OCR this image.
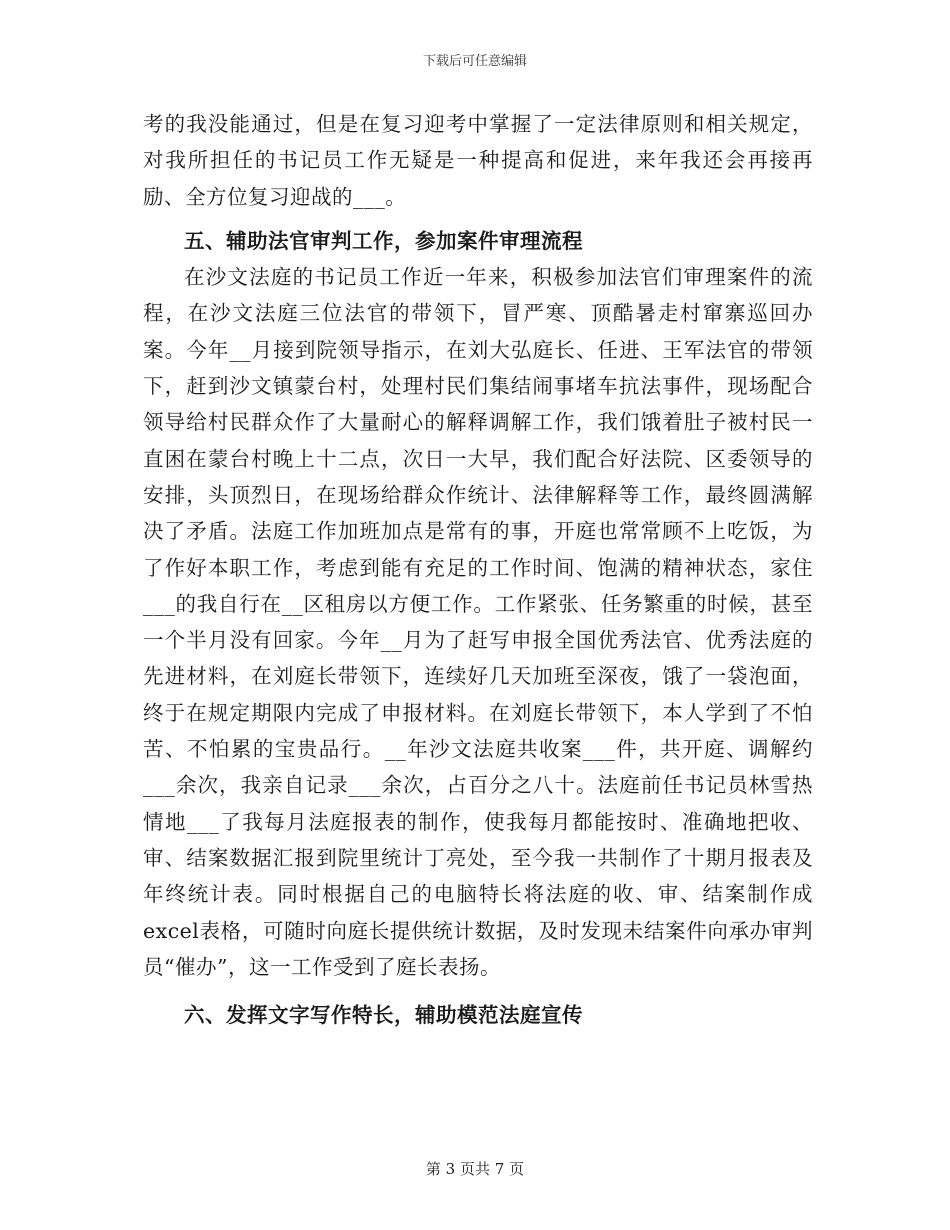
下载后可任意编辑

考的我没能通过，但是在复习迎考中掌握了一定法律原则和相关规定，对我所担任的书记员工作无疑是一种提高和促进，来年我还会再接再励、全方位复习迎战的___。

五、辅助法官审判工作，参加案件审理流程

在沙文法庭的书记员工作近一年来，积极参加法官们审理案件的流程，在沙文法庭三位法官的带领下，冒严寒、顶酷暑走村窜寨巡回办案。今年__月接到院领导指示，在刘大弘庭长、任进、王军法官的带领下，赶到沙文镇蒙台村，处理村民们集结闹事堵车抗法事件，现场配合领导给村民群众作了大量耐心的解释调解工作，我们饿着肚子被村民一直困在蒙台村晚上十二点，次日一大早，我们配合好法院、区委领导的安排，头顶烈日，在现场给群众作统计、法律解释等工作，最终圆满解决了矛盾。法庭工作加班加点是常有的事，开庭也常常顾不上吃饭，为了作好本职工作，考虑到能有充足的工作时间、饱满的精神状态，家住___的我自行在__区租房以方便工作。工作紧张、任务繁重的时候，甚至一个半月没有回家。今年__月为了赶写申报全国优秀法官、优秀法庭的先进材料，在刘庭长带领下，连续好几天加班至深夜，饿了一袋泡面，终于在规定期限内完成了申报材料。在刘庭长带领下，本人学到了不怕苦、不怕累的宝贵品行。__年沙文法庭共收案___件，共开庭、调解约___余次，我亲自记录___余次，占百分之八十。法庭前任书记员林雪热情地___了我每月法庭报表的制作，使我每月都能按时、准确地把收、审、结案数据汇报到院里统计丁亮处，至今我一共制作了十期月报表及年终统计表。同时根据自己的电脑特长将法庭的收、审、结案制作成excel表格，可随时向庭长提供统计数据，及时发现未结案件向承办审判员“催办”，这一工作受到了庭长表扬。

六、发挥文字写作特长，辅助模范法庭宣传

第 3 页共 7 页
